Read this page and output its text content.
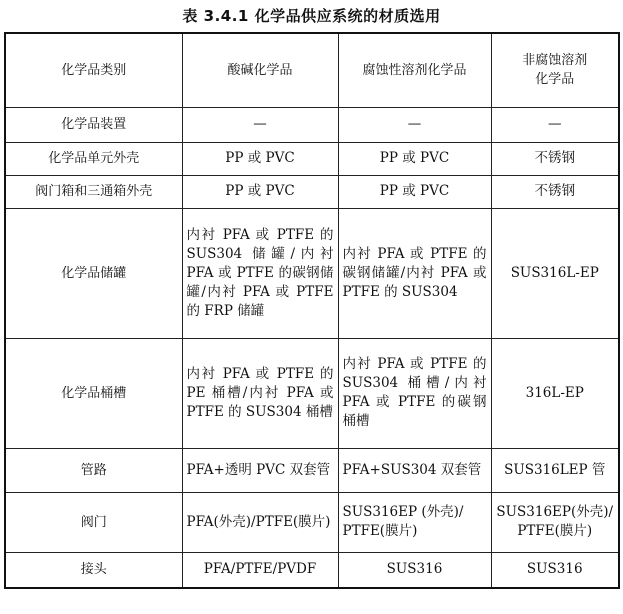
表 3.4.1 化学品供应系统的材质选用
化学品类别	酸碱化学品	腐蚀性溶剂化学品	非腐蚀溶剂
化学品
化学品装置	—	—	—
化学品单元外壳	PP 或 PVC	PP 或 PVC	不锈钢
阀门箱和三通箱外壳	PP 或 PVC	PP 或 PVC	不锈钢
化学品储罐	内衬 PFA 或 PTFE 的 SUS304 储罐/内衬 PFA 或 PTFE 的碳钢储罐/内衬 PFA 或 PTFE 的 FRP 储罐	内衬 PFA 或 PTFE 的碳钢储罐/内衬 PFA 或 PTFE 的 SUS304	SUS316L-EP
化学品桶槽	内衬 PFA 或 PTFE 的 PE 桶槽/内衬 PFA 或 PTFE 的 SUS304 桶槽	内衬 PFA 或 PTFE 的 SUS304 桶槽/内衬 PFA 或 PTFE 的碳钢桶槽	316L-EP
管路	PFA+透明 PVC 双套管	PFA+SUS304 双套管	SUS316LEP 管
阀门	PFA(外壳)/PTFE(膜片)	SUS316EP (外壳)/ PTFE(膜片)	SUS316EP(外壳)/ PTFE(膜片)
接头	PFA/PTFE/PVDF	SUS316	SUS316
